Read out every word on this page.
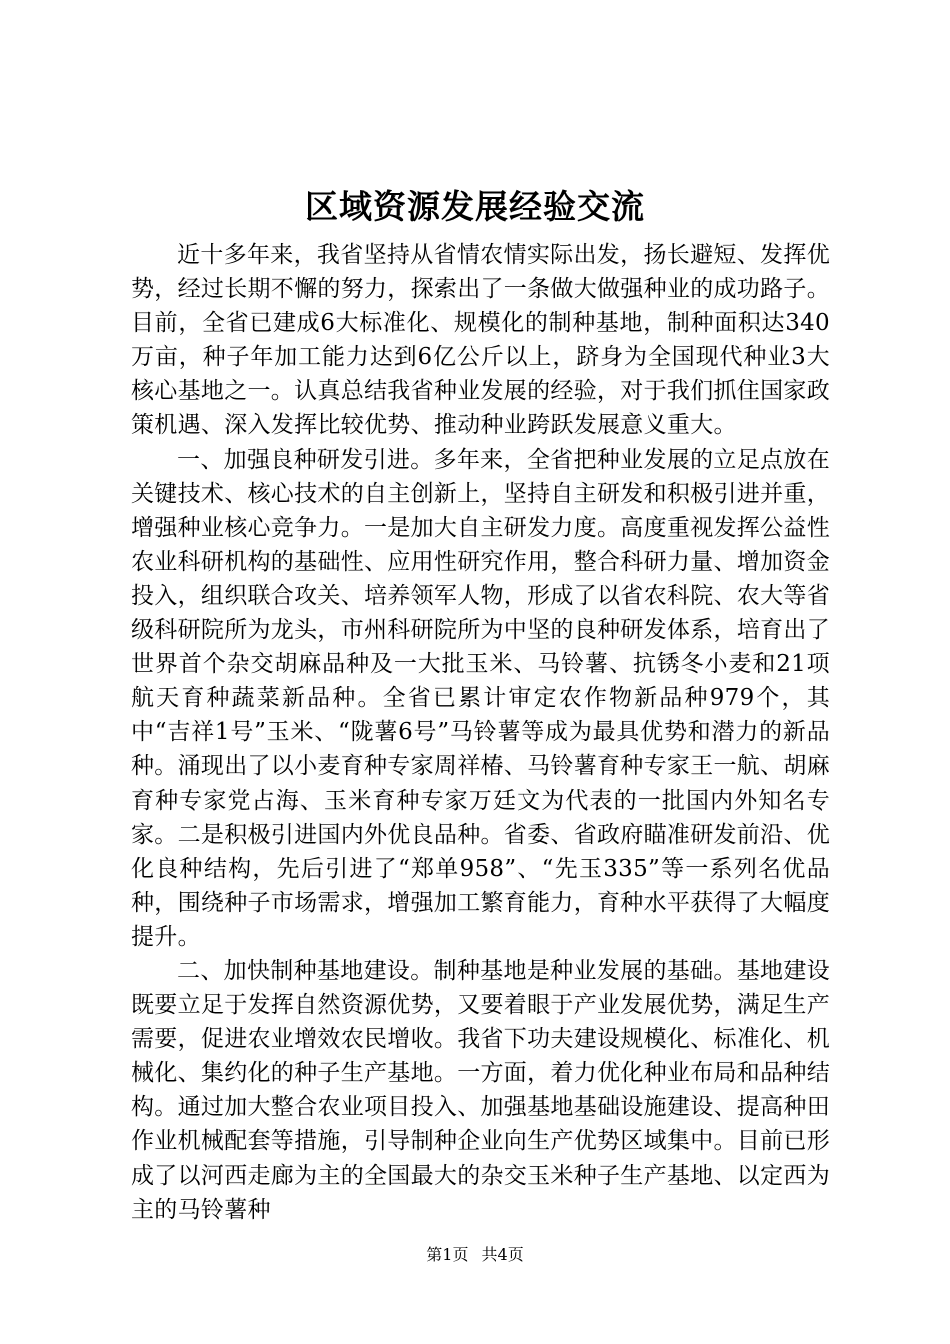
区域资源发展经验交流

近十多年来，我省坚持从省情农情实际出发，扬长避短、发挥优势，经过长期不懈的努力，探索出了一条做大做强种业的成功路子。目前，全省已建成6大标准化、规模化的制种基地，制种面积达340万亩，种子年加工能力达到6亿公斤以上，跻身为全国现代种业3大核心基地之一。认真总结我省种业发展的经验，对于我们抓住国家政策机遇、深入发挥比较优势、推动种业跨跃发展意义重大。

一、加强良种研发引进。多年来，全省把种业发展的立足点放在关键技术、核心技术的自主创新上，坚持自主研发和积极引进并重，增强种业核心竞争力。一是加大自主研发力度。高度重视发挥公益性农业科研机构的基础性、应用性研究作用，整合科研力量、增加资金投入，组织联合攻关、培养领军人物，形成了以省农科院、农大等省级科研院所为龙头，市州科研院所为中坚的良种研发体系，培育出了世界首个杂交胡麻品种及一大批玉米、马铃薯、抗锈冬小麦和21项航天育种蔬菜新品种。全省已累计审定农作物新品种979个，其中“吉祥1号”玉米、“陇薯6号”马铃薯等成为最具优势和潜力的新品种。涌现出了以小麦育种专家周祥椿、马铃薯育种专家王一航、胡麻育种专家党占海、玉米育种专家万廷文为代表的一批国内外知名专家。二是积极引进国内外优良品种。省委、省政府瞄准研发前沿、优化良种结构，先后引进了“郑单958”、“先玉335”等一系列名优品种，围绕种子市场需求，增强加工繁育能力，育种水平获得了大幅度提升。

二、加快制种基地建设。制种基地是种业发展的基础。基地建设既要立足于发挥自然资源优势，又要着眼于产业发展优势，满足生产需要，促进农业增效农民增收。我省下功夫建设规模化、标准化、机械化、集约化的种子生产基地。一方面，着力优化种业布局和品种结构。通过加大整合农业项目投入、加强基地基础设施建设、提高种田作业机械配套等措施，引导制种企业向生产优势区域集中。目前已形成了以河西走廊为主的全国最大的杂交玉米种子生产基地、以定西为主的马铃薯种

第1页 共4页
